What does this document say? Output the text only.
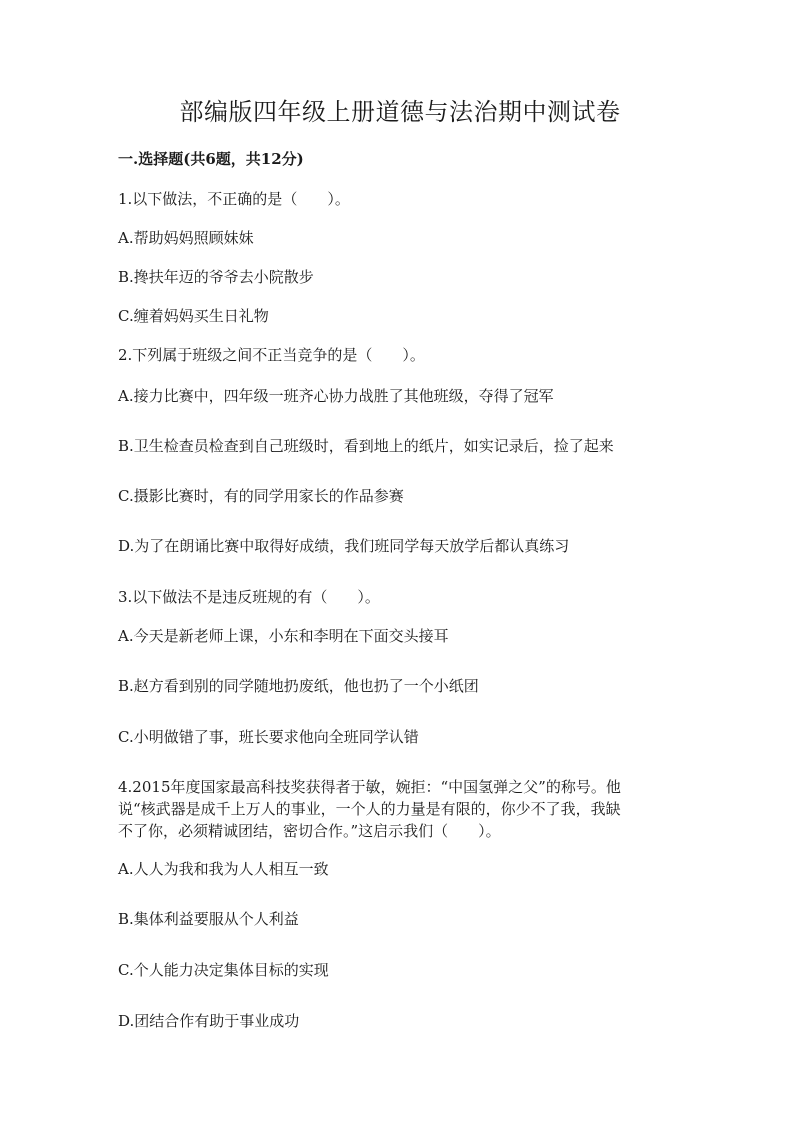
部编版四年级上册道德与法治期中测试卷
一.选择题(共6题，共12分)
1.以下做法，不正确的是（　　）。
A.帮助妈妈照顾妹妹
B.搀扶年迈的爷爷去小院散步
C.缠着妈妈买生日礼物
2.下列属于班级之间不正当竞争的是（　　）。
A.接力比赛中，四年级一班齐心协力战胜了其他班级，夺得了冠军
B.卫生检查员检查到自己班级时，看到地上的纸片，如实记录后，捡了起来
C.摄影比赛时，有的同学用家长的作品参赛
D.为了在朗诵比赛中取得好成绩，我们班同学每天放学后都认真练习
3.以下做法不是违反班规的有（　　）。
A.今天是新老师上课，小东和李明在下面交头接耳
B.赵方看到别的同学随地扔废纸，他也扔了一个小纸团
C.小明做错了事，班长要求他向全班同学认错
4.2015年度国家最高科技奖获得者于敏，婉拒：“中国氢弹之父”的称号。他
说“核武器是成千上万人的事业，一个人的力量是有限的，你少不了我，我缺
不了你，必须精诚团结，密切合作。”这启示我们（　　）。
A.人人为我和我为人人相互一致
B.集体利益要服从个人利益
C.个人能力决定集体目标的实现
D.团结合作有助于事业成功
